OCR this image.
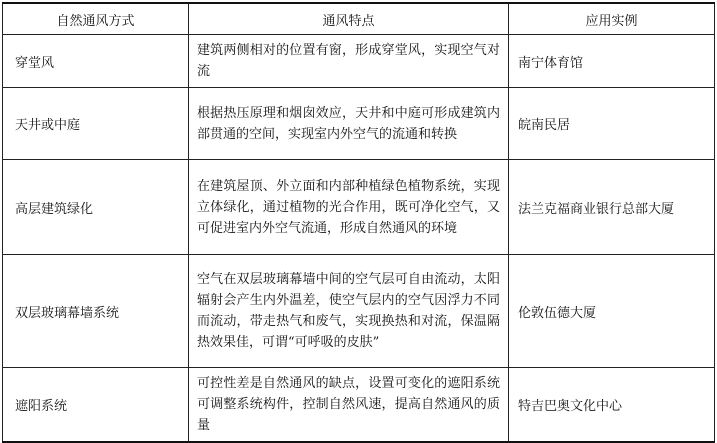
自然通风方式	通风特点	应用实例
穿堂风	建筑两侧相对的位置有窗，形成穿堂风，实现空气对流	南宁体育馆
天井或中庭	根据热压原理和烟囱效应，天井和中庭可形成建筑内部贯通的空间，实现室内外空气的流通和转换	皖南民居
高层建筑绿化	在建筑屋顶、外立面和内部种植绿色植物系统，实现立体绿化，通过植物的光合作用，既可净化空气，又可促进室内外空气流通，形成自然通风的环境	法兰克福商业银行总部大厦
双层玻璃幕墙系统	空气在双层玻璃幕墙中间的空气层可自由流动，太阳辐射会产生内外温差，使空气层内的空气因浮力不同而流动，带走热气和废气，实现换热和对流，保温隔热效果佳，可谓“可呼吸的皮肤”	伦敦伍德大厦
遮阳系统	可控性差是自然通风的缺点，设置可变化的遮阳系统可调整系统构件，控制自然风速，提高自然通风的质量	特吉巴奥文化中心
